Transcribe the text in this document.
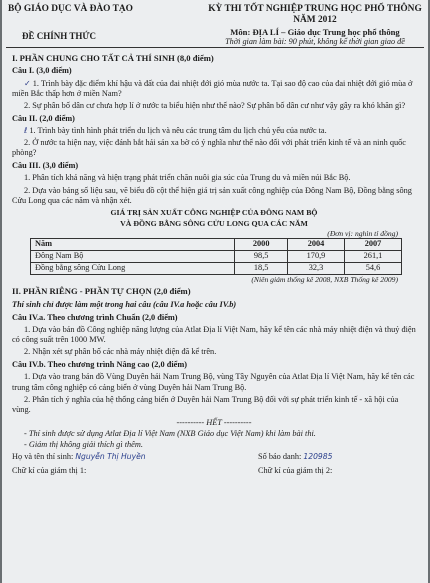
BỘ GIÁO DỤC VÀ ĐÀO TẠO
ĐỀ CHÍNH THỨC
KỲ THI TỐT NGHIỆP TRUNG HỌC PHỔ THÔNG NĂM 2012
Môn: ĐỊA LÍ – Giáo dục Trung học phổ thông
Thời gian làm bài: 90 phút, không kể thời gian giao đề
I. PHẦN CHUNG CHO TẤT CẢ THÍ SINH (8,0 điểm)
Câu I. (3,0 điểm)
✓ 1. Trình bày đặc điểm khí hậu và đất của đai nhiệt đới gió mùa nước ta. Tại sao độ cao của đai nhiệt đới gió mùa ở miền Bắc thấp hơn ở miền Nam?
2. Sự phân bố dân cư chưa hợp lí ở nước ta biểu hiện như thế nào? Sự phân bố dân cư như vậy gây ra khó khăn gì?
Câu II. (2,0 điểm)
ℓ 1. Trình bày tình hình phát triển du lịch và nêu các trung tâm du lịch chủ yếu của nước ta.
2. Ở nước ta hiện nay, việc đánh bắt hải sản xa bờ có ý nghĩa như thế nào đối với phát triển kinh tế và an ninh quốc phòng?
Câu III. (3,0 điểm)
1. Phân tích khả năng và hiện trạng phát triển chăn nuôi gia súc của Trung du và miền núi Bắc Bộ.
2. Dựa vào bảng số liệu sau, vẽ biểu đồ cột thể hiện giá trị sản xuất công nghiệp của Đông Nam Bộ, Đồng bằng sông Cửu Long qua các năm và nhận xét.
GIÁ TRỊ SẢN XUẤT CÔNG NGHIỆP CỦA ĐÔNG NAM BỘ
VÀ ĐỒNG BẰNG SÔNG CỬU LONG QUA CÁC NĂM
(Đơn vị: nghìn tỉ đồng)
Năm	2000	2004	2007
Đông Nam Bộ	98,5	170,9	261,1
Đồng bằng sông Cửu Long	18,5	32,3	54,6
(Niên giám thống kê 2008, NXB Thống kê 2009)
II. PHẦN RIÊNG - PHẦN TỰ CHỌN (2,0 điểm)
Thí sinh chỉ được làm một trong hai câu (câu IV.a hoặc câu IV.b)
Câu IV.a. Theo chương trình Chuẩn (2,0 điểm)
1. Dựa vào bản đồ Công nghiệp năng lượng của Atlat Địa lí Việt Nam, hãy kể tên các nhà máy nhiệt điện và thuỷ điện có công suất trên 1000 MW.
2. Nhận xét sự phân bố các nhà máy nhiệt điện đã kể trên.
Câu IV.b. Theo chương trình Nâng cao (2,0 điểm)
1. Dựa vào trang bản đồ Vùng Duyên hải Nam Trung Bộ, vùng Tây Nguyên của Atlat Địa lí Việt Nam, hãy kể tên các trung tâm công nghiệp có cảng biển ở vùng Duyên hải Nam Trung Bộ.
2. Phân tích ý nghĩa của hệ thống cảng biển ở Duyên hải Nam Trung Bộ đối với sự phát triển kinh tế - xã hội của vùng.
---------- HẾT ----------
- Thí sinh được sử dụng Atlat Địa lí Việt Nam (NXB Giáo dục Việt Nam) khi làm bài thi.
- Giám thị không giải thích gì thêm.
Họ và tên thí sinh: Nguyễn Thị Huyền	Số báo danh: 120985
Chữ kí của giám thị 1:	Chữ kí của giám thị 2:
